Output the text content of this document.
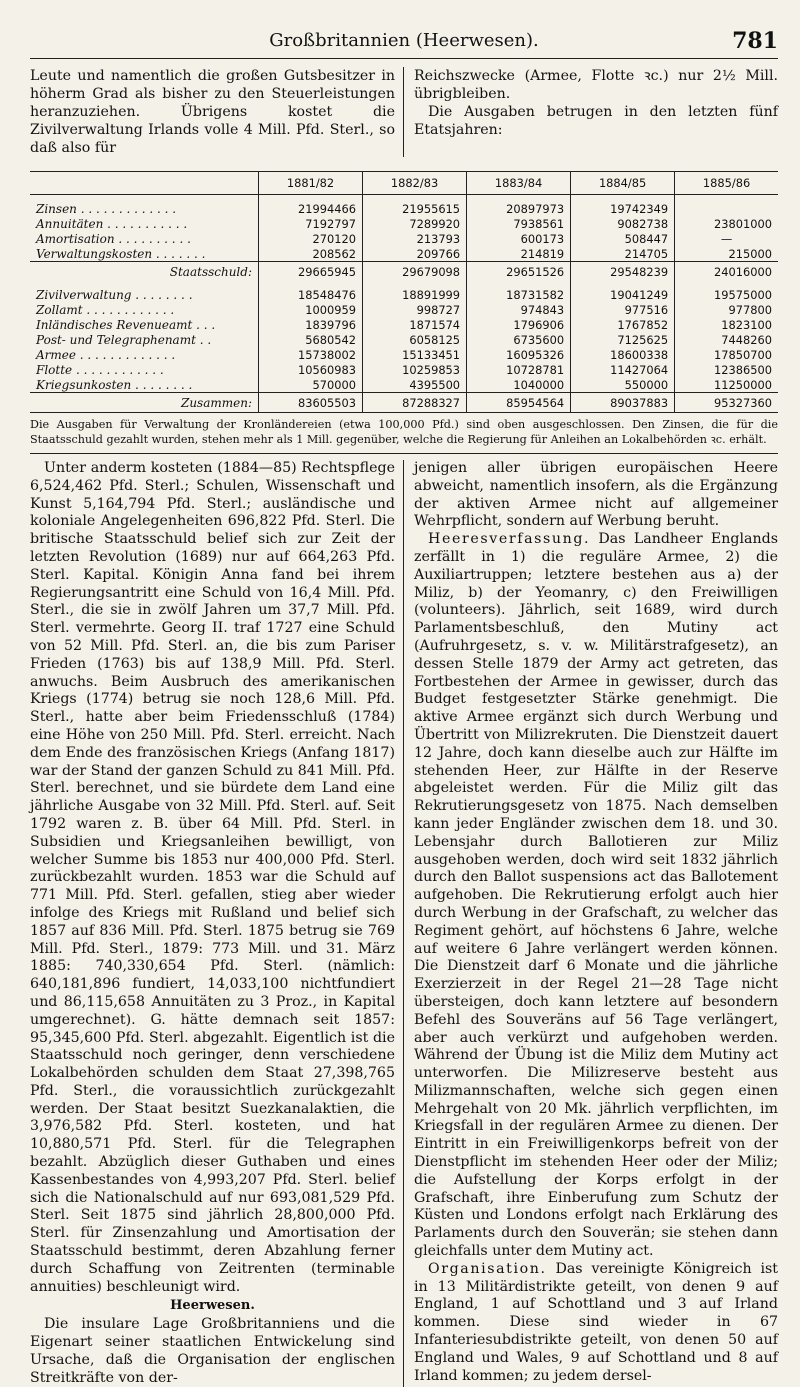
Großbritannien (Heerwesen).	781
Leute und namentlich die großen Gutsbesitzer in höherm Grad als bisher zu den Steuerleistungen heranzuziehen. Übrigens kostet die Zivilverwaltung Irlands volle 4 Mill. Pfd. Sterl., so daß also für
Reichszwecke (Armee, Flotte ꝛc.) nur 2½ Mill. übrigbleiben.
Die Ausgaben betrugen in den letzten fünf Etatsjahren:
	1881/82	1882/83	1883/84	1884/85	1885/86

Zinsen . . . . . . . . . . . . .	21994466	21955615	20897973	19742349	
Annuitäten . . . . . . . . . . .	7192797	7289920	7938561	9082738	23801000
Amortisation . . . . . . . . . .	270120	213793	600173	508447	—
Verwaltungskosten . . . . . . .	208562	209766	214819	214705	215000
Staatsschuld:	29665945	29679098	29651526	29548239	24016000

Zivilverwaltung . . . . . . . .	18548476	18891999	18731582	19041249	19575000
Zollamt . . . . . . . . . . . .	1000959	998727	974843	977516	977800
Inländisches Revenueamt . . .	1839796	1871574	1796906	1767852	1823100
Post- und Telegraphenamt . .	5680542	6058125	6735600	7125625	7448260
Armee . . . . . . . . . . . . .	15738002	15133451	16095326	18600338	17850700
Flotte . . . . . . . . . . . .	10560983	10259853	10728781	11427064	12386500
Kriegsunkosten . . . . . . . .	570000	4395500	1040000	550000	11250000
Zusammen:	83605503	87288327	85954564	89037883	95327360
Die Ausgaben für Verwaltung der Kronländereien (etwa 100,000 Pfd.) sind oben ausgeschlossen. Den Zinsen, die für die Staatsschuld gezahlt wurden, stehen mehr als 1 Mill. gegenüber, welche die Regierung für Anleihen an Lokalbehörden ꝛc. erhält.

Unter anderm kosteten (1884—85) Rechtspflege 6,524,462 Pfd. Sterl.; Schulen, Wissenschaft und Kunst 5,164,794 Pfd. Sterl.; ausländische und koloniale Angelegenheiten 696,822 Pfd. Sterl. Die britische Staatsschuld belief sich zur Zeit der letzten Revolution (1689) nur auf 664,263 Pfd. Sterl. Kapital. Königin Anna fand bei ihrem Regierungsantritt eine Schuld von 16,4 Mill. Pfd. Sterl., die sie in zwölf Jahren um 37,7 Mill. Pfd. Sterl. vermehrte. Georg II. traf 1727 eine Schuld von 52 Mill. Pfd. Sterl. an, die bis zum Pariser Frieden (1763) bis auf 138,9 Mill. Pfd. Sterl. anwuchs. Beim Ausbruch des amerikanischen Kriegs (1774) betrug sie noch 128,6 Mill. Pfd. Sterl., hatte aber beim Friedensschluß (1784) eine Höhe von 250 Mill. Pfd. Sterl. erreicht. Nach dem Ende des französischen Kriegs (Anfang 1817) war der Stand der ganzen Schuld zu 841 Mill. Pfd. Sterl. berechnet, und sie bürdete dem Land eine jährliche Ausgabe von 32 Mill. Pfd. Sterl. auf. Seit 1792 waren z. B. über 64 Mill. Pfd. Sterl. in Subsidien und Kriegsanleihen bewilligt, von welcher Summe bis 1853 nur 400,000 Pfd. Sterl. zurückbezahlt wurden. 1853 war die Schuld auf 771 Mill. Pfd. Sterl. gefallen, stieg aber wieder infolge des Kriegs mit Rußland und belief sich 1857 auf 836 Mill. Pfd. Sterl. 1875 betrug sie 769 Mill. Pfd. Sterl., 1879: 773 Mill. und 31. März 1885: 740,330,654 Pfd. Sterl. (nämlich: 640,181,896 fundiert, 14,033,100 nichtfundiert und 86,115,658 Annuitäten zu 3 Proz., in Kapital umgerechnet). G. hätte demnach seit 1857: 95,345,600 Pfd. Sterl. abgezahlt. Eigentlich ist die Staatsschuld noch geringer, denn verschiedene Lokalbehörden schulden dem Staat 27,398,765 Pfd. Sterl., die voraussichtlich zurückgezahlt werden. Der Staat besitzt Suezkanalaktien, die 3,976,582 Pfd. Sterl. kosteten, und hat 10,880,571 Pfd. Sterl. für die Telegraphen bezahlt. Abzüglich dieser Guthaben und eines Kassenbestandes von 4,993,207 Pfd. Sterl. belief sich die Nationalschuld auf nur 693,081,529 Pfd. Sterl. Seit 1875 sind jährlich 28,800,000 Pfd. Sterl. für Zinsenzahlung und Amortisation der Staatsschuld bestimmt, deren Abzahlung ferner durch Schaffung von Zeitrenten (terminable annuities) beschleunigt wird.

Heerwesen.

Die insulare Lage Großbritanniens und die Eigenart seiner staatlichen Entwickelung sind Ursache, daß die Organisation der englischen Streitkräfte von der-

jenigen aller übrigen europäischen Heere abweicht, namentlich insofern, als die Ergänzung der aktiven Armee nicht auf allgemeiner Wehrpflicht, sondern auf Werbung beruht.

Heeresverfassung. Das Landheer Englands zerfällt in 1) die reguläre Armee, 2) die Auxiliartruppen; letztere bestehen aus a) der Miliz, b) der Yeomanry, c) den Freiwilligen (volunteers). Jährlich, seit 1689, wird durch Parlamentsbeschluß, den Mutiny act (Aufruhrgesetz, s. v. w. Militärstrafgesetz), an dessen Stelle 1879 der Army act getreten, das Fortbestehen der Armee in gewisser, durch das Budget festgesetzter Stärke genehmigt. Die aktive Armee ergänzt sich durch Werbung und Übertritt von Milizrekruten. Die Dienstzeit dauert 12 Jahre, doch kann dieselbe auch zur Hälfte im stehenden Heer, zur Hälfte in der Reserve abgeleistet werden. Für die Miliz gilt das Rekrutierungsgesetz von 1875. Nach demselben kann jeder Engländer zwischen dem 18. und 30. Lebensjahr durch Ballotieren zur Miliz ausgehoben werden, doch wird seit 1832 jährlich durch den Ballot suspensions act das Ballotement aufgehoben. Die Rekrutierung erfolgt auch hier durch Werbung in der Grafschaft, zu welcher das Regiment gehört, auf höchstens 6 Jahre, welche auf weitere 6 Jahre verlängert werden können. Die Dienstzeit darf 6 Monate und die jährliche Exerzierzeit in der Regel 21—28 Tage nicht übersteigen, doch kann letztere auf besondern Befehl des Souveräns auf 56 Tage verlängert, aber auch verkürzt und aufgehoben werden. Während der Übung ist die Miliz dem Mutiny act unterworfen. Die Milizreserve besteht aus Milizmannschaften, welche sich gegen einen Mehrgehalt von 20 Mk. jährlich verpflichten, im Kriegsfall in der regulären Armee zu dienen. Der Eintritt in ein Freiwilligenkorps befreit von der Dienstpflicht im stehenden Heer oder der Miliz; die Aufstellung der Korps erfolgt in der Grafschaft, ihre Einberufung zum Schutz der Küsten und Londons erfolgt nach Erklärung des Parlaments durch den Souverän; sie stehen dann gleichfalls unter dem Mutiny act.

Organisation. Das vereinigte Königreich ist in 13 Militärdistrikte geteilt, von denen 9 auf England, 1 auf Schottland und 3 auf Irland kommen. Diese sind wieder in 67 Infanteriesubdistrikte geteilt, von denen 50 auf England und Wales, 9 auf Schottland und 8 auf Irland kommen; zu jedem dersel-
